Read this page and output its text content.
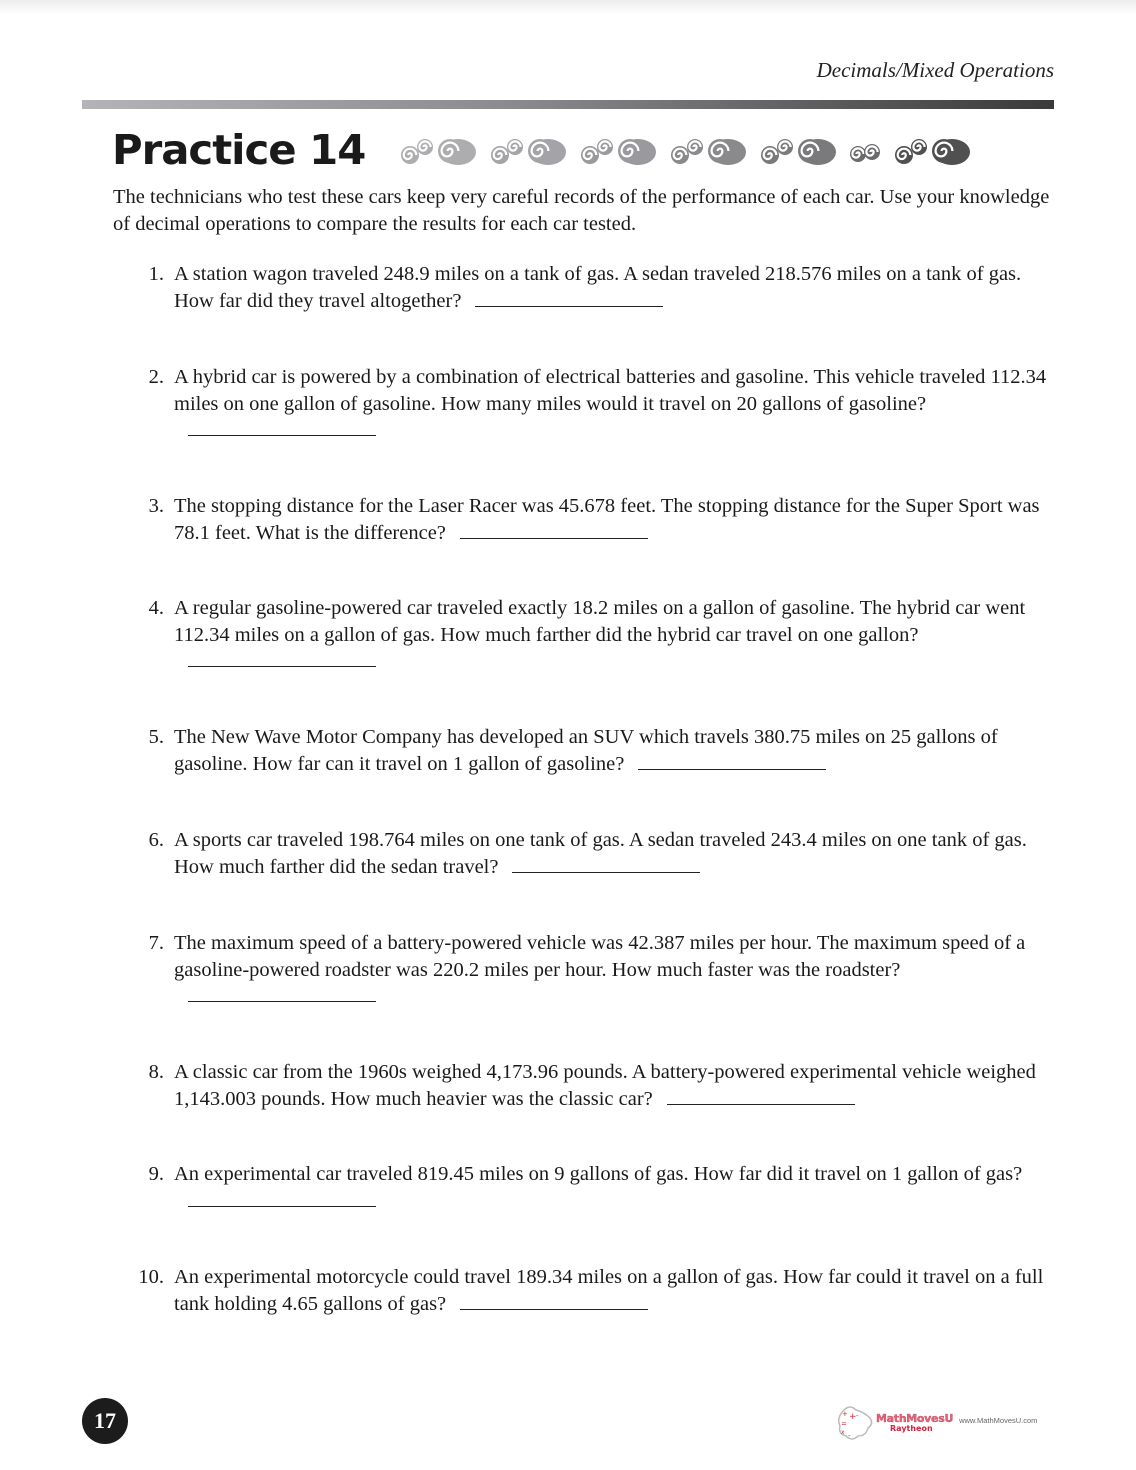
Decimals/Mixed Operations
Practice 14
The technicians who test these cars keep very careful records of the performance of each car. Use your knowledge of decimal operations to compare the results for each car tested.
1. A station wagon traveled 248.9 miles on a tank of gas. A sedan traveled 218.576 miles on a tank of gas. How far did they travel altogether?
2. A hybrid car is powered by a combination of electrical batteries and gasoline. This vehicle traveled 112.34 miles on one gallon of gasoline. How many miles would it travel on 20 gallons of gasoline?
3. The stopping distance for the Laser Racer was 45.678 feet. The stopping distance for the Super Sport was 78.1 feet. What is the difference?
4. A regular gasoline-powered car traveled exactly 18.2 miles on a gallon of gasoline. The hybrid car went 112.34 miles on a gallon of gas. How much farther did the hybrid car travel on one gallon?
5. The New Wave Motor Company has developed an SUV which travels 380.75 miles on 25 gallons of gasoline. How far can it travel on 1 gallon of gasoline?
6. A sports car traveled 198.764 miles on one tank of gas. A sedan traveled 243.4 miles on one tank of gas. How much farther did the sedan travel?
7. The maximum speed of a battery-powered vehicle was 42.387 miles per hour. The maximum speed of a gasoline-powered roadster was 220.2 miles per hour. How much faster was the roadster?
8. A classic car from the 1960s weighed 4,173.96 pounds. A battery-powered experimental vehicle weighed 1,143.003 pounds. How much heavier was the classic car?
9. An experimental car traveled 819.45 miles on 9 gallons of gas. How far did it travel on 1 gallon of gas?
10. An experimental motorcycle could travel 189.34 miles on a gallon of gas. How far could it travel on a full tank holding 4.65 gallons of gas?
17	+ + -
=
x -
MathMovesU
Raytheon
www.MathMovesU.com
